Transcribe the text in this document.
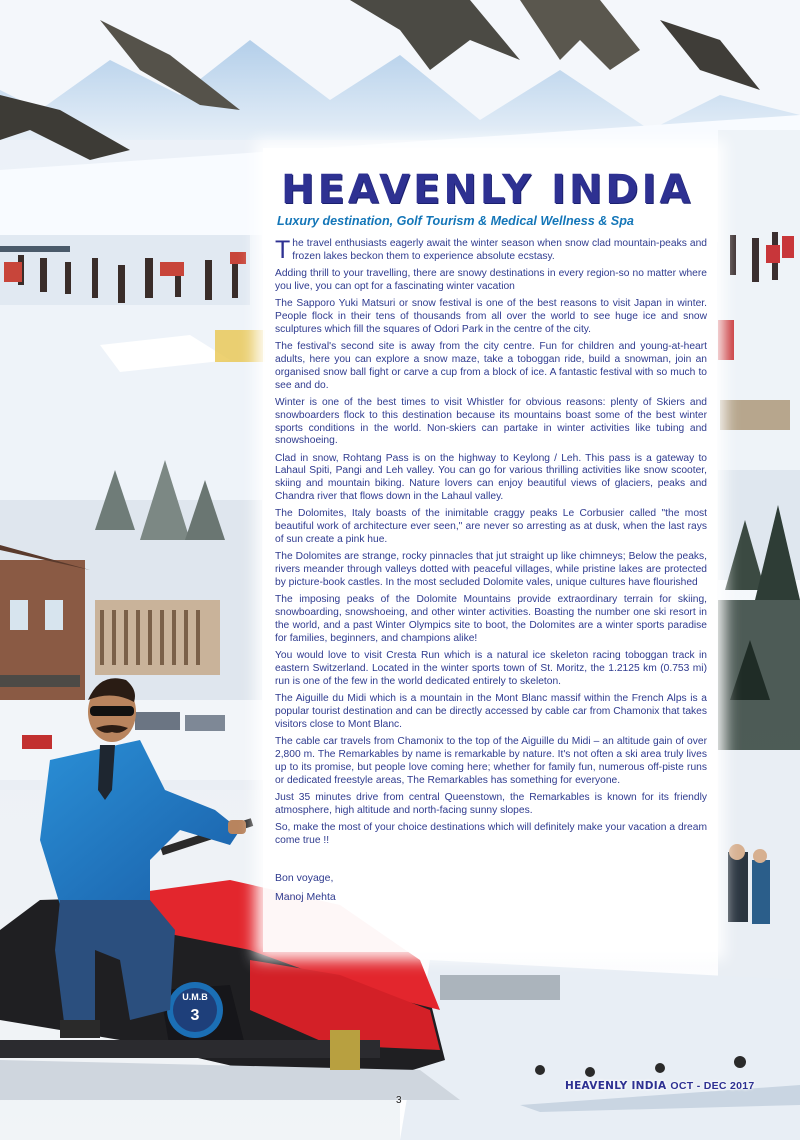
U.M.B
3
HEAVENLY INDIA
Luxury destination, Golf Tourism & Medical Wellness & Spa

The travel enthusiasts eagerly await the winter season when snow clad mountain-peaks and frozen lakes beckon them to experience absolute ecstasy.

Adding thrill to your travelling, there are snowy destinations in every region-so no matter where you live, you can opt for a fascinating winter vacation

The Sapporo Yuki Matsuri or snow festival is one of the best reasons to visit Japan in winter. People flock in their tens of thousands from all over the world to see huge ice and snow sculptures which fill the squares of Odori Park in the centre of the city.

The festival's second site is away from the city centre. Fun for children and young-at-heart adults, here you can explore a snow maze, take a toboggan ride, build a snowman, join an organised snow ball fight or carve a cup from a block of ice. A fantastic festival with so much to see and do.

Winter is one of the best times to visit Whistler for obvious reasons: plenty of Skiers and snowboarders flock to this destination because its mountains boast some of the best winter sports conditions in the world. Non-skiers can partake in winter activities like tubing and snowshoeing.

Clad in snow, Rohtang Pass is on the highway to Keylong / Leh. This pass is a gateway to Lahaul Spiti, Pangi and Leh valley. You can go for various thrilling activities like snow scooter, skiing and mountain biking. Nature lovers can enjoy beautiful views of glaciers, peaks and Chandra river that flows down in the Lahaul valley.

The Dolomites, Italy boasts of the inimitable craggy peaks Le Corbusier called "the most beautiful work of architecture ever seen," are never so arresting as at dusk, when the last rays of sun create a pink hue.

The Dolomites are strange, rocky pinnacles that jut straight up like chimneys; Below the peaks, rivers meander through valleys dotted with peaceful villages, while pristine lakes are protected by picture-book castles. In the most secluded Dolomite vales, unique cultures have flourished

The imposing peaks of the Dolomite Mountains provide extraordinary terrain for skiing, snowboarding, snowshoeing, and other winter activities. Boasting the number one ski resort in the world, and a past Winter Olympics site to boot, the Dolomites are a winter sports paradise for families, beginners, and champions alike!

You would love to visit Cresta Run which is a natural ice skeleton racing toboggan track in eastern Switzerland. Located in the winter sports town of St. Moritz, the 1.2125 km (0.753 mi) run is one of the few in the world dedicated entirely to skeleton.

The Aiguille du Midi which is a mountain in the Mont Blanc massif within the French Alps is a popular tourist destination and can be directly accessed by cable car from Chamonix that takes visitors close to Mont Blanc.

The cable car travels from Chamonix to the top of the Aiguille du Midi – an altitude gain of over 2,800 m. The Remarkables by name is remarkable by nature. It's not often a ski area truly lives up to its promise, but people love coming here; whether for family fun, numerous off-piste runs or dedicated freestyle areas, The Remarkables has something for everyone.

Just 35 minutes drive from central Queenstown, the Remarkables is known for its friendly atmosphere, high altitude and north-facing sunny slopes.

So, make the most of your choice destinations which will definitely make your vacation a dream come true !!

Bon voyage,
Manoj Mehta
HEAVENLY INDIA OCT - DEC 2017
3
